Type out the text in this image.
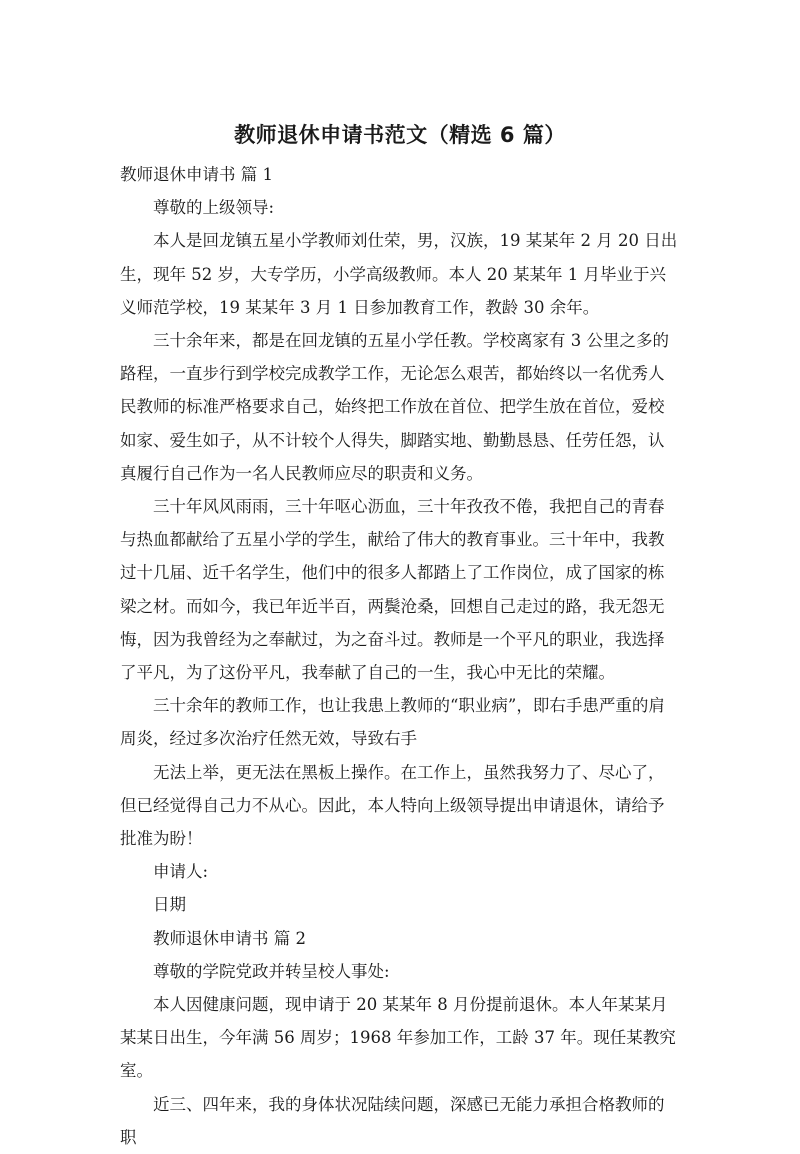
教师退休申请书范文（精选 6 篇）

教师退休申请书 篇 1

尊敬的上级领导:

本人是回龙镇五星小学教师刘仕荣，男，汉族，19 某某年 2 月 20 日出生，现年 52 岁，大专学历，小学高级教师。本人 20 某某年 1 月毕业于兴义师范学校，19 某某年 3 月 1 日参加教育工作，教龄 30 余年。

三十余年来，都是在回龙镇的五星小学任教。学校离家有 3 公里之多的路程，一直步行到学校完成教学工作，无论怎么艰苦，都始终以一名优秀人民教师的标准严格要求自己，始终把工作放在首位、把学生放在首位，爱校如家、爱生如子，从不计较个人得失，脚踏实地、勤勤恳恳、任劳任怨，认真履行自己作为一名人民教师应尽的职责和义务。

三十年风风雨雨，三十年呕心沥血，三十年孜孜不倦，我把自己的青春与热血都献给了五星小学的学生，献给了伟大的教育事业。三十年中，我教过十几届、近千名学生，他们中的很多人都踏上了工作岗位，成了国家的栋梁之材。而如今，我已年近半百，两鬓沧桑，回想自己走过的路，我无怨无悔，因为我曾经为之奉献过，为之奋斗过。教师是一个平凡的职业，我选择了平凡，为了这份平凡，我奉献了自己的一生，我心中无比的荣耀。

三十余年的教师工作，也让我患上教师的“职业病”，即右手患严重的肩周炎，经过多次治疗任然无效，导致右手

无法上举，更无法在黑板上操作。在工作上，虽然我努力了、尽心了，但已经觉得自己力不从心。因此，本人特向上级领导提出申请退休，请给予批准为盼！

申请人:

日期

教师退休申请书 篇 2

尊敬的学院党政并转呈校人事处:

本人因健康问题，现申请于 20 某某年 8 月份提前退休。本人年某某月某某日出生，今年满 56 周岁；1968 年参加工作，工龄 37 年。现任某教究室。

近三、四年来，我的身体状况陆续问题，深感已无能力承担合格教师的职
